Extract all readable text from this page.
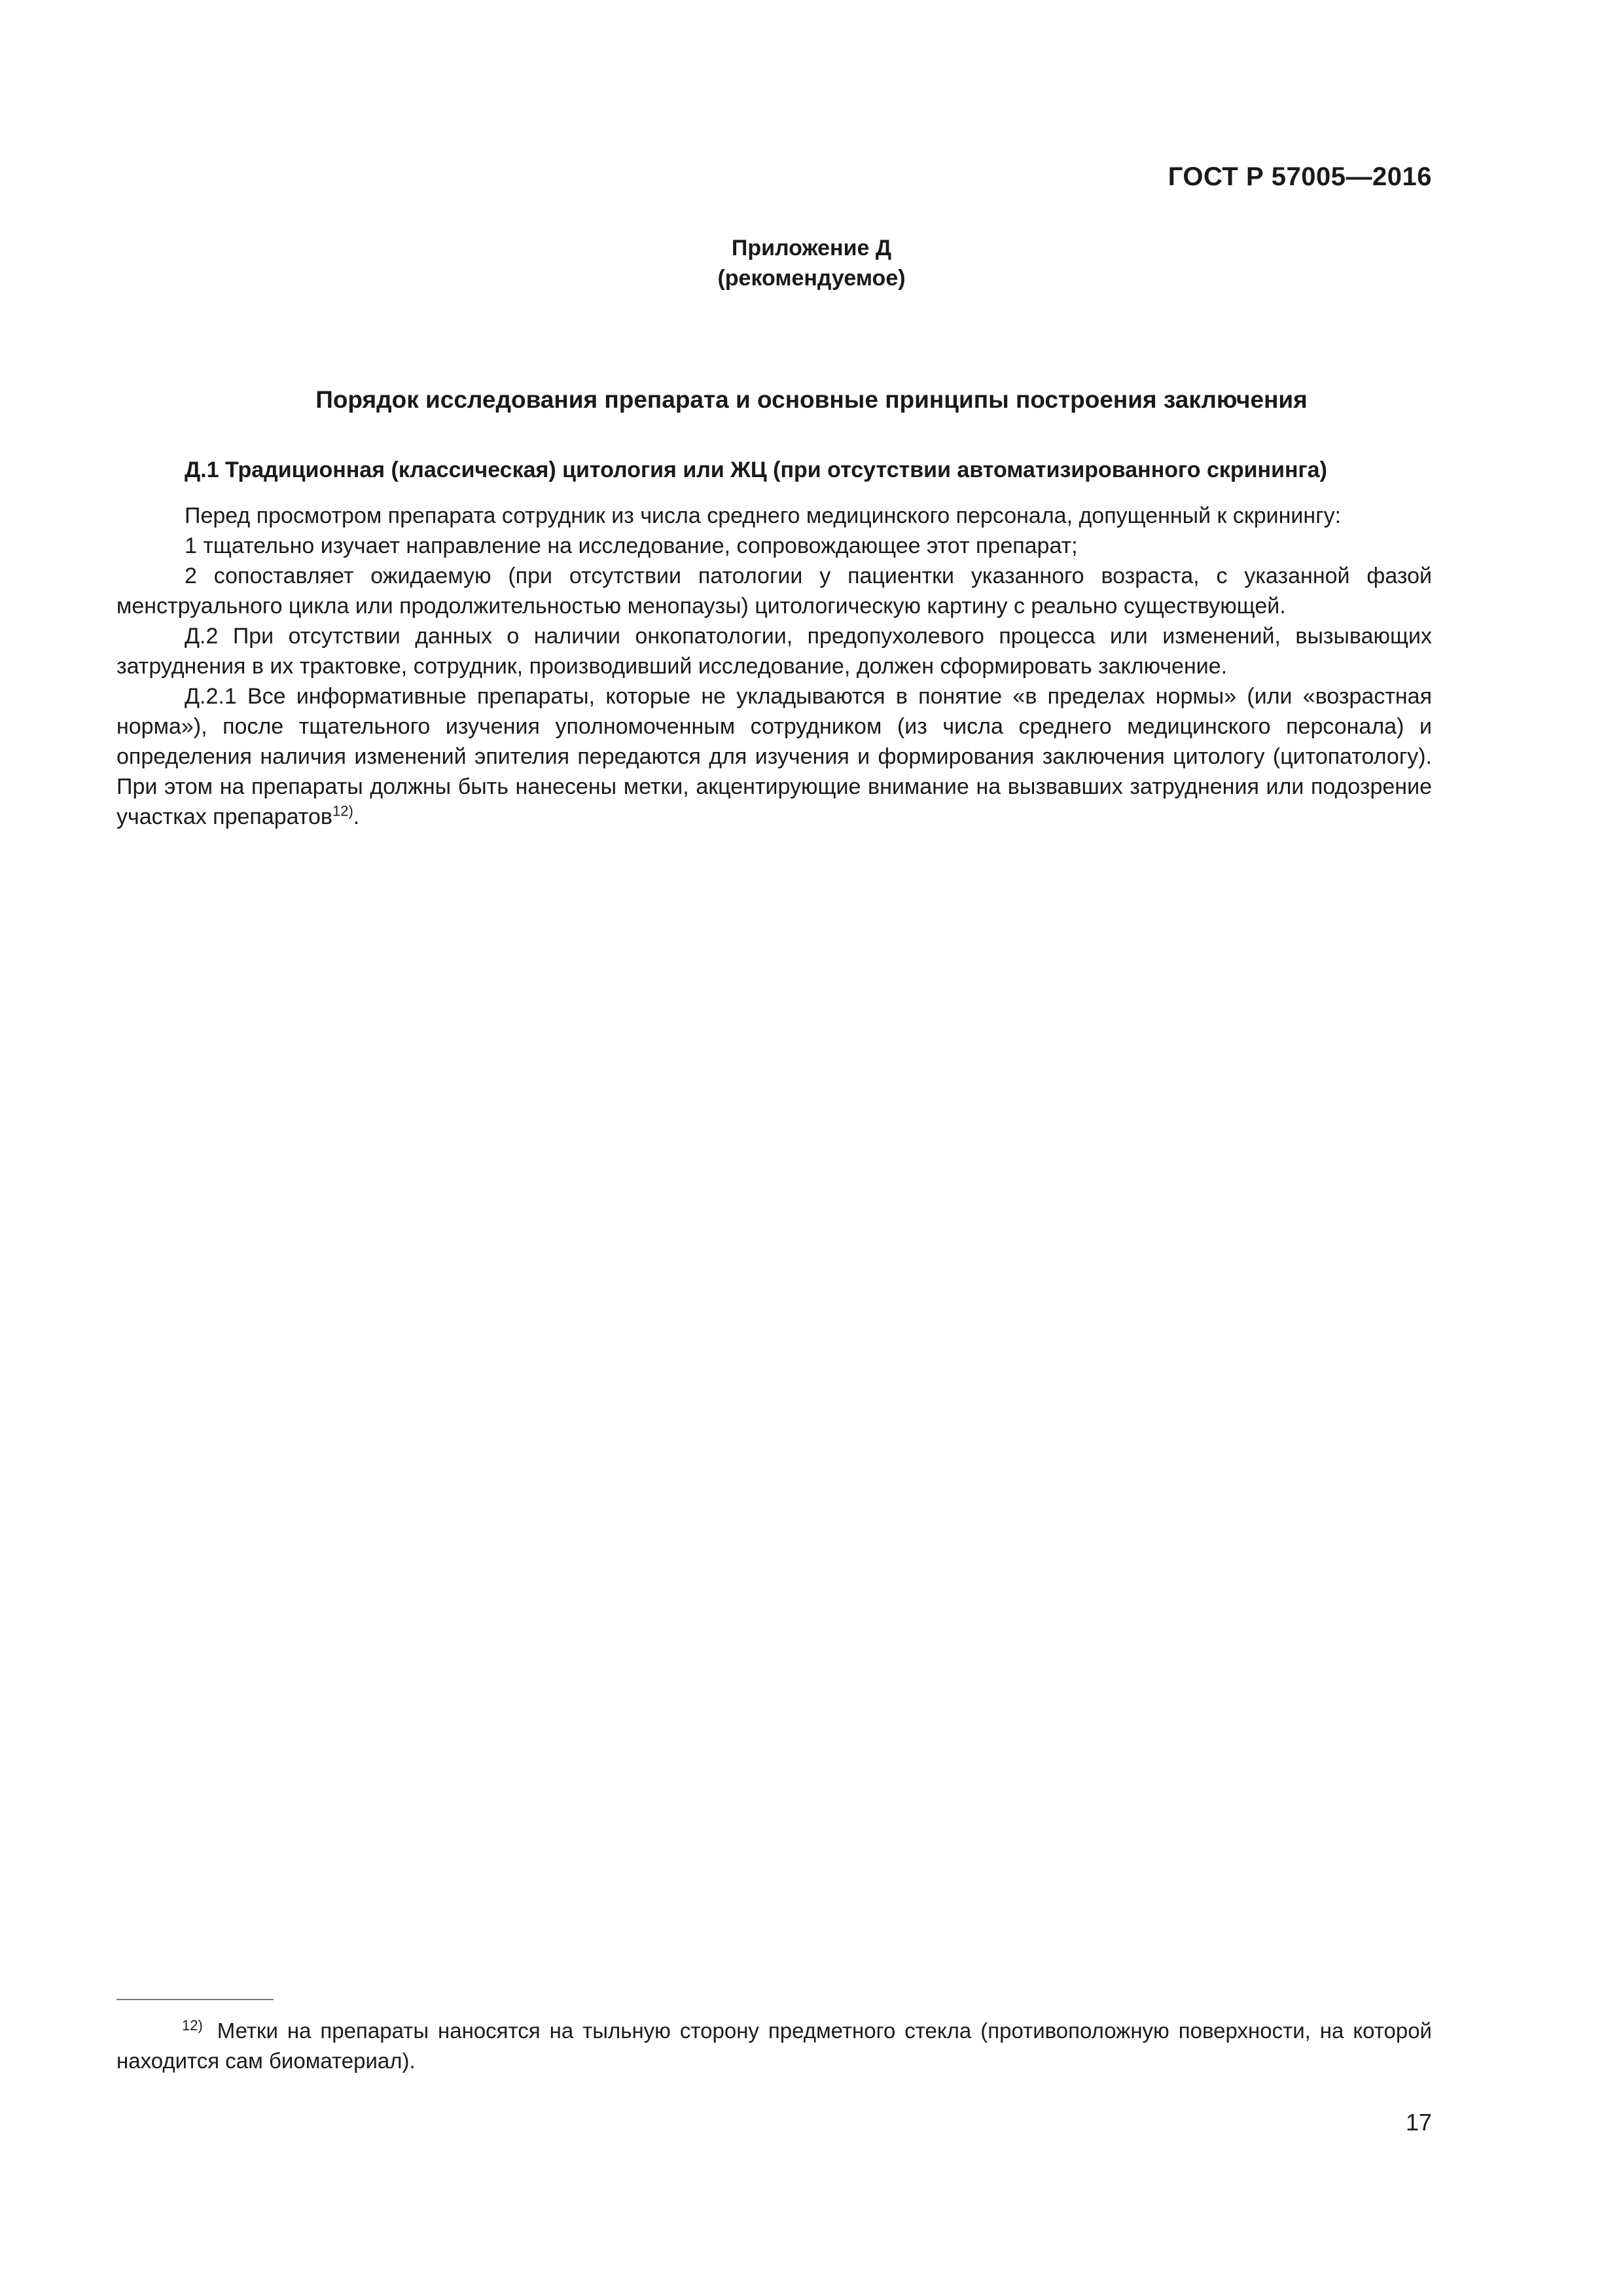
ГОСТ Р 57005—2016
Приложение Д
(рекомендуемое)
Порядок исследования препарата и основные принципы построения заключения

Д.1 Традиционная (классическая) цитология или ЖЦ (при отсутствии автоматизированного скрининга)

Перед просмотром препарата сотрудник из числа среднего медицинского персонала, допущенный к скринингу:

1 тщательно изучает направление на исследование, сопровождающее этот препарат;

2 сопоставляет ожидаемую (при отсутствии патологии у пациентки указанного возраста, с указанной фазой менструального цикла или продолжительностью менопаузы) цитологическую картину с реально существующей.

Д.2 При отсутствии данных о наличии онкопатологии, предопухолевого процесса или изменений, вызывающих затруднения в их трактовке, сотрудник, производивший исследование, должен сформировать заключение.

Д.2.1 Все информативные препараты, которые не укладываются в понятие «в пределах нормы» (или «возрастная норма»), после тщательного изучения уполномоченным сотрудником (из числа среднего медицинского персонала) и определения наличия изменений эпителия передаются для изучения и формирования заключения цитологу (цитопатологу). При этом на препараты должны быть нанесены метки, акцентирующие внимание на вызвавших затруднения или подозрение участках препаратов$^{12)}$.

$^{12)}$ Метки на препараты наносятся на тыльную сторону предметного стекла (противоположную поверхности, на которой находится сам биоматериал).

17
